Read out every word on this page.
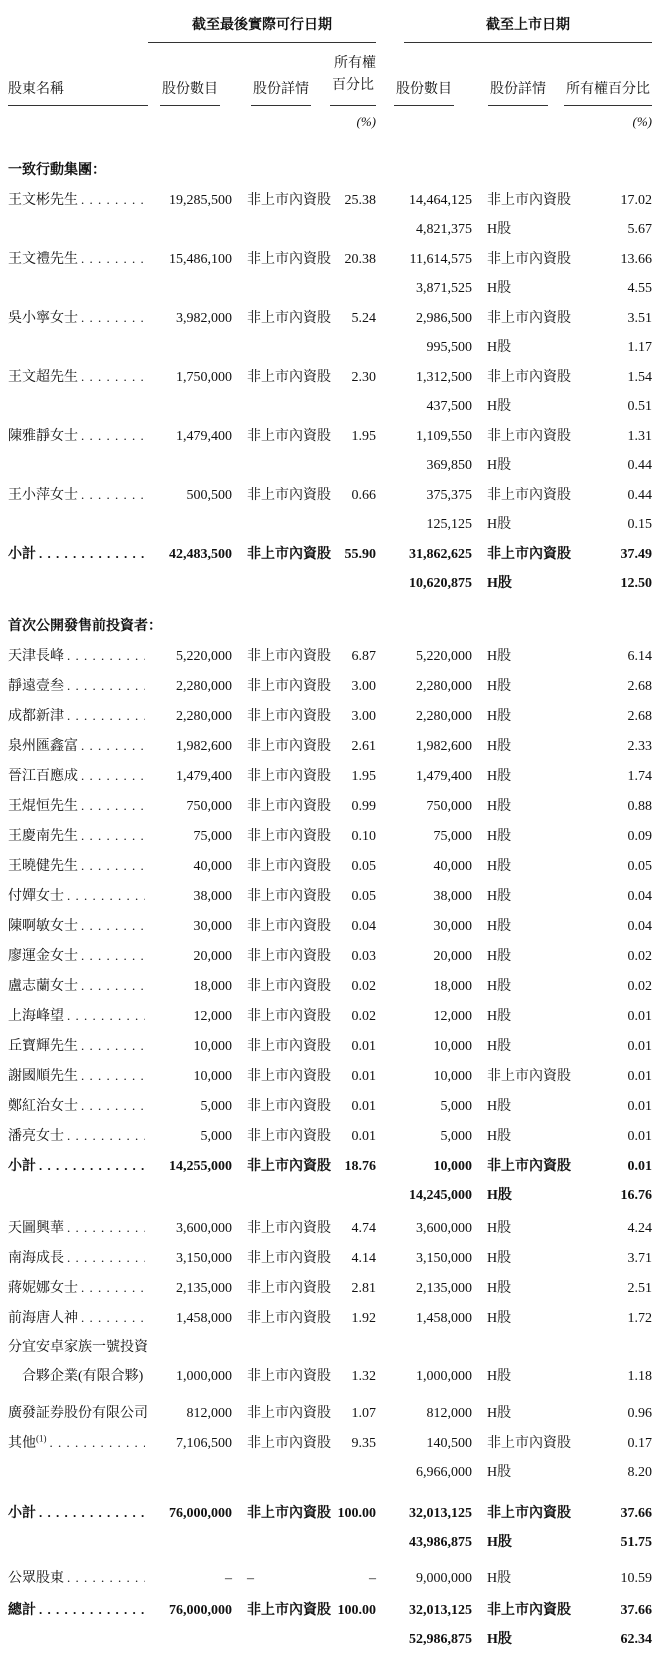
截至最後實際可行日期	截至上市日期
股東名稱	股份數目	股份詳情
所有權
百分比	股份數目	股份詳情	所有權百分比
(%)	(%)
一致行動集團：
王文彬先生 . . .	19,285,500	非上市內資股 25.38	14,464,125	非上市內資股	17.02
4,821,375	H股	5.67
王文禮先生 . . .	15,486,100	非上市內資股 20.38	11,614,575	非上市內資股	13.66
3,871,525	H股	4.55
吳小寧女士 . . .	3,982,000	非上市內資股	5.24	2,986,500	非上市內資股	3.51
995,500	H股	1.17
王文超先生 . . .	1,750,000	非上市內資股	2.30	1,312,500	非上市內資股	1.54
437,500	H股	0.51
陳雅靜女士 . . .	1,479,400	非上市內資股	1.95	1,109,550	非上市內資股	1.31
369,850	H股	0.44
王小萍女士 . . .	500,500	非上市內資股	0.66	375,375	非上市內資股	0.44
125,125	H股	0.15
小計 . . .	42,483,500	非上市內資股 55.90	31,862,625	非上市內資股	37.49
10,620,875	H股	12.50
首次公開發售前投資者：
天津長峰 . . .	5,220,000	非上市內資股	6.87	5,220,000	H股	6.14
靜遠壹叁 . . .	2,280,000	非上市內資股	3.00	2,280,000	H股	2.68
成都新津 . . .	2,280,000	非上市內資股	3.00	2,280,000	H股	2.68
泉州匯鑫富 . . .	1,982,600	非上市內資股	2.61	1,982,600	H股	2.33
晉江百應成 . . .	1,479,400	非上市內資股	1.95	1,479,400	H股	1.74
王焜恒先生 . . .	750,000	非上市內資股	0.99	750,000	H股	0.88
王慶南先生 . . .	75,000	非上市內資股	0.10	75,000	H股	0.09
王曉健先生 . . .	40,000	非上市內資股	0.05	40,000	H股	0.05
付嬋女士 . . .	38,000	非上市內資股	0.05	38,000	H股	0.04
陳啊敏女士 . . .	30,000	非上市內資股	0.04	30,000	H股	0.04
廖運金女士 . . .	20,000	非上市內資股	0.03	20,000	H股	0.02
盧志蘭女士 . . .	18,000	非上市內資股	0.02	18,000	H股	0.02
上海峰望 . . .	12,000	非上市內資股	0.02	12,000	H股	0.01
丘寶輝先生 . . .	10,000	非上市內資股	0.01	10,000	H股	0.01
謝國順先生 . . .	10,000	非上市內資股	0.01	10,000	非上市內資股	0.01
鄭紅治女士 . . .	5,000	非上市內資股	0.01	5,000	H股	0.01
潘亮女士 . . .	5,000	非上市內資股	0.01	5,000	H股	0.01
小計 . . .	14,255,000	非上市內資股 18.76	10,000	非上市內資股	0.01
14,245,000	H股	16.76
天圖興華 . . .	3,600,000	非上市內資股	4.74	3,600,000	H股	4.24
南海成長 . . .	3,150,000	非上市內資股	4.14	3,150,000	H股	3.71
蔣妮娜女士 . . .	2,135,000	非上市內資股	2.81	2,135,000	H股	2.51
前海唐人神 . . .	1,458,000	非上市內資股	1.92	1,458,000	H股	1.72
分宜安卓家族一號投資
合夥企業(有限合夥)	1,000,000	非上市內資股	1.32	1,000,000	H股	1.18
廣發証券股份有限公司	812,000	非上市內資股	1.07	812,000	H股	0.96
其他$^{(1)}$ . . .	7,106,500	非上市內資股	9.35	140,500	非上市內資股	0.17
6,966,000	H股	8.20
小計 . . .	76,000,000	非上市內資股 100.00	32,013,125	非上市內資股	37.66
43,986,875	H股	51.75
公眾股東 . . .	–	–	–	9,000,000	H股	10.59
總計 . . .	76,000,000	非上市內資股 100.00	32,013,125	非上市內資股	37.66
52,986,875	H股	62.34
